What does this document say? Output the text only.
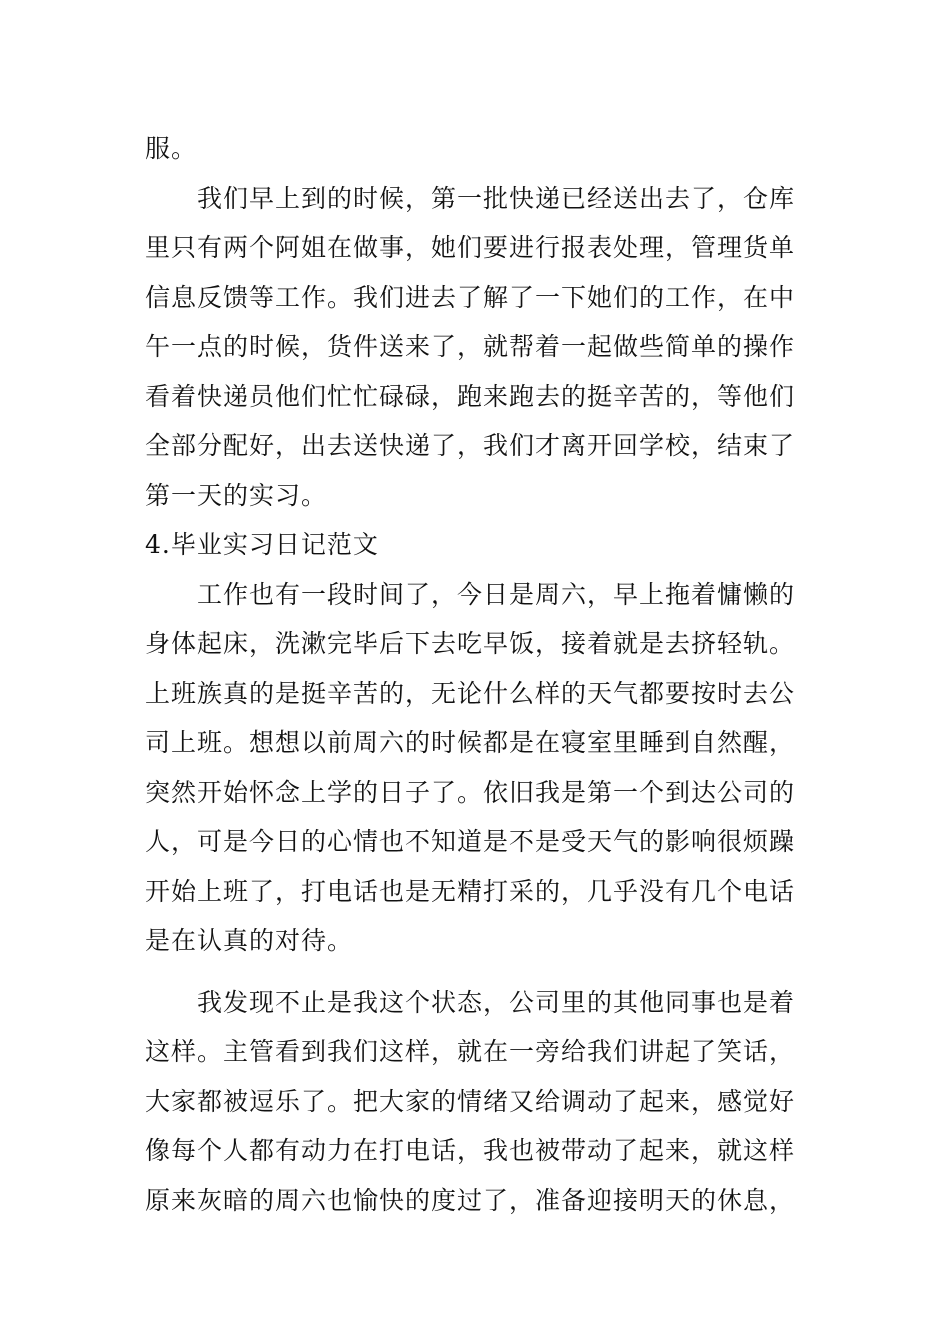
服。
我们早上到的时候，第一批快递已经送出去了，仓库
里只有两个阿姐在做事，她们要进行报表处理，管理货单
信息反馈等工作。我们进去了解了一下她们的工作，在中
午一点的时候，货件送来了，就帮着一起做些简单的操作
看着快递员他们忙忙碌碌，跑来跑去的挺辛苦的，等他们
全部分配好，出去送快递了，我们才离开回学校，结束了
第一天的实习。
4.毕业实习日记范文
工作也有一段时间了，今日是周六，早上拖着慵懒的
身体起床，洗漱完毕后下去吃早饭，接着就是去挤轻轨。
上班族真的是挺辛苦的，无论什么样的天气都要按时去公
司上班。想想以前周六的时候都是在寝室里睡到自然醒，
突然开始怀念上学的日子了。依旧我是第一个到达公司的
人，可是今日的心情也不知道是不是受天气的影响很烦躁
开始上班了，打电话也是无精打采的，几乎没有几个电话
是在认真的对待。
我发现不止是我这个状态，公司里的其他同事也是着
这样。主管看到我们这样，就在一旁给我们讲起了笑话，
大家都被逗乐了。把大家的情绪又给调动了起来，感觉好
像每个人都有动力在打电话，我也被带动了起来，就这样
原来灰暗的周六也愉快的度过了，准备迎接明天的休息，
